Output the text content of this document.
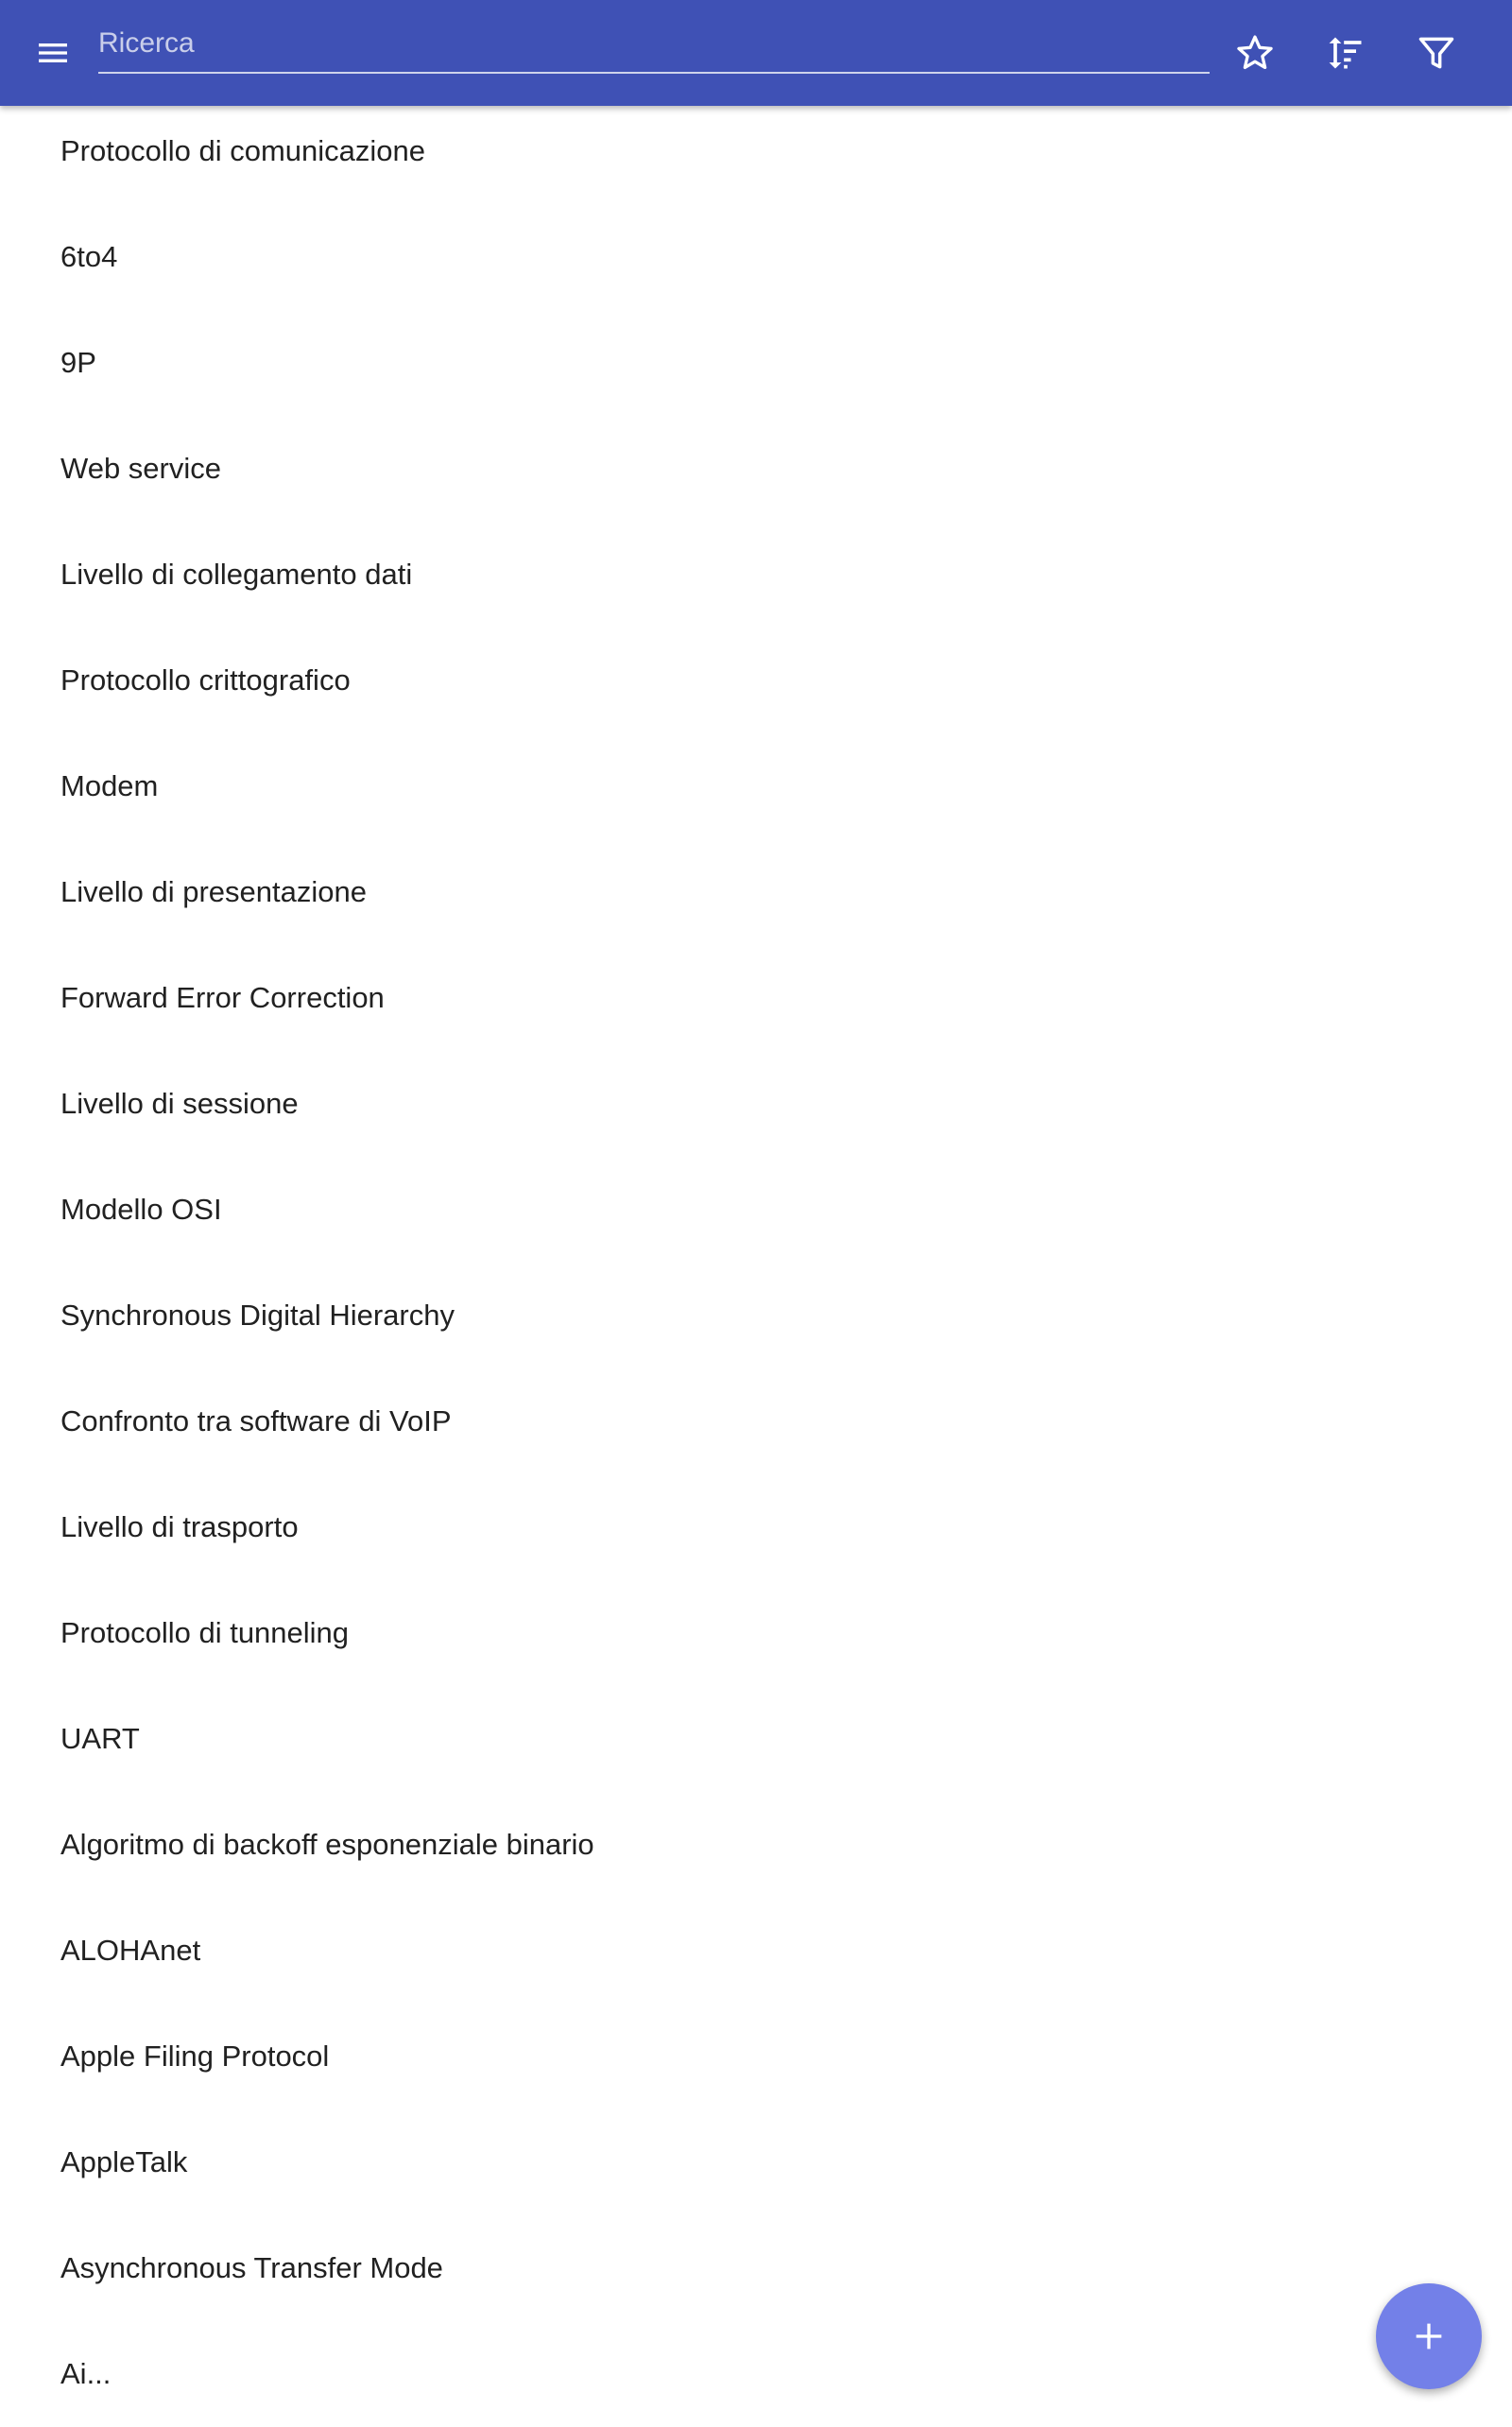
Ricerca
Protocollo di comunicazione
6to4
9P
Web service
Livello di collegamento dati
Protocollo crittografico
Modem
Livello di presentazione
Forward Error Correction
Livello di sessione
Modello OSI
Synchronous Digital Hierarchy
Confronto tra software di VoIP
Livello di trasporto
Protocollo di tunneling
UART
Algoritmo di backoff esponenziale binario
ALOHAnet
Apple Filing Protocol
AppleTalk
Asynchronous Transfer Mode
Ai...
